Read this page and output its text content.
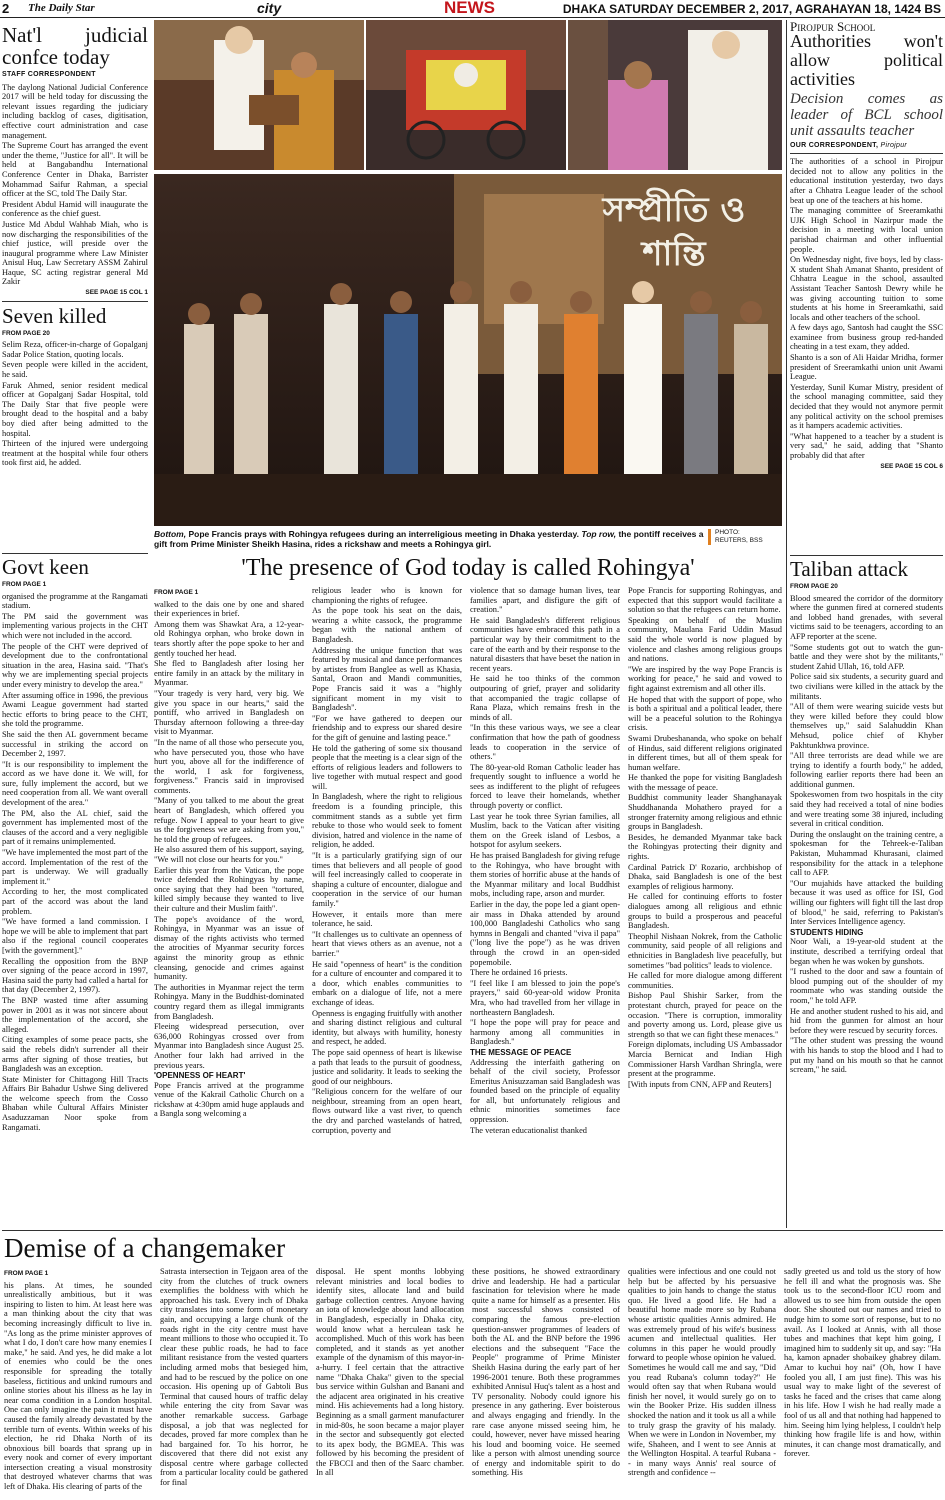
2 The Daily Star	city	NEWS	DHAKA SATURDAY DECEMBER 2, 2017, AGRAHAYAN 18, 1424 BS
Nat'l judicial confce today
STAFF CORRESPONDENT

The daylong National Judicial Conference 2017 will be held today for discussing the relevant issues regarding the judiciary including backlog of cases, digitisation, effective court administration and case management.

The Supreme Court has arranged the event under the theme, "Justice for all". It will be held at Bangabandhu International Conference Center in Dhaka, Barrister Mohammad Saifur Rahman, a special officer at the SC, told The Daily Star.

President Abdul Hamid will inaugurate the conference as the chief guest.

Justice Md Abdul Wahhab Miah, who is now discharging the responsibilities of the chief justice, will preside over the inaugural programme where Law Minister Anisul Huq, Law Secretary ASSM Zahirul Haque, SC acting registrar general Md Zakir

SEE PAGE 15 COL 1
Seven killed
FROM PAGE 20

Selim Reza, officer-in-charge of Gopalganj Sadar Police Station, quoting locals.

Seven people were killed in the accident, he said.

Faruk Ahmed, senior resident medical officer at Gopalganj Sadar Hospital, told The Daily Star that five people were brought dead to the hospital and a baby boy died after being admitted to the hospital.

Thirteen of the injured were undergoing treatment at the hospital while four others took first aid, he added.

Govt keen
FROM PAGE 1

organised the programme at the Rangamati stadium.

The PM said the government was implementing various projects in the CHT which were not included in the accord.

The people of the CHT were deprived of development due to the confrontational situation in the area, Hasina said. "That's why we are implementing special projects under every ministry to develop the area."

After assuming office in 1996, the previous Awami League government had started hectic efforts to bring peace to the CHT, she told the programme.

She said the then AL government became successful in striking the accord on December 2, 1997.

"It is our responsibility to implement the accord as we have done it. We will, for sure, fully implement the accord, but we need cooperation from all. We want overall development of the area."

The PM, also the AL chief, said the government has implemented most of the clauses of the accord and a very negligible part of it remains unimplemented.

"We have implemented the most part of the accord. Implementation of the rest of the part is underway. We will gradually implement it."

According to her, the most complicated part of the accord was about the land problem.

"We have formed a land commission. I hope we will be able to implement that part also if the regional council cooperates [with the government]."

Recalling the opposition from the BNP over signing of the peace accord in 1997, Hasina said the party had called a hartal for that day (December 2, 1997).

The BNP wasted time after assuming power in 2001 as it was not sincere about the implementation of the accord, she alleged.

Citing examples of some peace pacts, she said the rebels didn't surrender all their arms after signing of those treaties, but Bangladesh was an exception.

State Minister for Chittagong Hill Tracts Affairs Bir Bahadur Ushwe Sing delivered the welcome speech from the Cosso Bhaban while Cultural Affairs Minister Asaduzzaman Noor spoke from Rangamati.

সম্প্রীতি ও শান্তি
Bottom, Pope Francis prays with Rohingya refugees during an interreligious meeting in Dhaka yesterday. Top row, the pontiff receives a gift from Prime Minister Sheikh Hasina, rides a rickshaw and meets a Rohingya girl.
PHOTO:
REUTERS, BSS
'The presence of God today is called Rohingya'
FROM PAGE 1

walked to the dais one by one and shared their experiences in brief.

Among them was Shawkat Ara, a 12-year-old Rohingya orphan, who broke down in tears shortly after the pope spoke to her and gently touched her head.

She fled to Bangladesh after losing her entire family in an attack by the military in Myanmar.

"Your tragedy is very hard, very big. We give you space in our hearts," said the pontiff, who arrived in Bangladesh on Thursday afternoon following a three-day visit to Myanmar.

"In the name of all those who persecute you, who have persecuted you, those who have hurt you, above all for the indifference of the world, I ask for forgiveness, forgiveness." Francis said in improvised comments.

"Many of you talked to me about the great heart of Bangladesh, which offered you refuge. Now I appeal to your heart to give us the forgiveness we are asking from you," he told the group of refugees.

He also assured them of his support, saying, "We will not close our hearts for you."

Earlier this year from the Vatican, the pope twice defended the Rohingyas by name, once saying that they had been "tortured, killed simply because they wanted to live their culture and their Muslim faith".

The pope's avoidance of the word, Rohingya, in Myanmar was an issue of dismay of the rights activists who termed the atrocities of Myanmar security forces against the minority group as ethnic cleansing, genocide and crimes against humanity.

The authorities in Myanmar reject the term Rohingya. Many in the Buddhist-dominated country regard them as illegal immigrants from Bangladesh.

Fleeing widespread persecution, over 636,000 Rohingyas crossed over from Myanmar into Bangladesh since August 25. Another four lakh had arrived in the previous years.

'OPENNESS OF HEART'

Pope Francis arrived at the programme venue of the Kakrail Catholic Church on a rickshaw at 4:30pm amid huge applauds and a Bangla song welcoming a

religious leader who is known for championing the rights of refugee.

As the pope took his seat on the dais, wearing a white cassock, the programme began with the national anthem of Bangladesh.

Addressing the unique function that was featured by musical and dance performances by artistes from Banglee as well as Khasia, Santal, Oraon and Mandi communities, Pope Francis said it was a "highly significant moment in my visit to Bangladesh".

"For we have gathered to deepen our friendship and to express our shared desire for the gift of genuine and lasting peace."

He told the gathering of some six thousand people that the meeting is a clear sign of the efforts of religious leaders and followers to live together with mutual respect and good will.

In Bangladesh, where the right to religious freedom is a founding principle, this commitment stands as a subtle yet firm rebuke to those who would seek to foment division, hatred and violence in the name of religion, he added.

"It is a particularly gratifying sign of our times that believers and all people of good will feel increasingly called to cooperate in shaping a culture of encounter, dialogue and cooperation in the service of our human family."

However, it entails more than mere tolerance, he said.

"It challenges us to cultivate an openness of heart that views others as an avenue, not a barrier."

He said "openness of heart" is the condition for a culture of encounter and compared it to a door, which enables communities to embark on a dialogue of life, not a mere exchange of ideas.

Openness is engaging fruitfully with another and sharing distinct religious and cultural identity, but always with humility, honesty and respect, he added.

The pope said openness of heart is likewise a path that leads to the pursuit of goodness, justice and solidarity. It leads to seeking the good of our neighbours.

"Religious concern for the welfare of our neighbour, streaming from an open heart, flows outward like a vast river, to quench the dry and parched wastelands of hatred, corruption, poverty and

violence that so damage human lives, tear families apart, and disfigure the gift of creation."

He said Bangladesh's different religious communities have embraced this path in a particular way by their commitment to the care of the earth and by their response to the natural disasters that have beset the nation in recent years.

He said he too thinks of the common outpouring of grief, prayer and solidarity that accompanied the tragic collapse of Rana Plaza, which remains fresh in the minds of all.

"In this these various ways, we see a clear confirmation that how the path of goodness leads to cooperation in the service of others."

The 80-year-old Roman Catholic leader has frequently sought to influence a world he sees as indifferent to the plight of refugees forced to leave their homelands, whether through poverty or conflict.

Last year he took three Syrian families, all Muslim, back to the Vatican after visiting them on the Greek island of Lesbos, a hotspot for asylum seekers.

He has praised Bangladesh for giving refuge to the Rohingya, who have brought with them stories of horrific abuse at the hands of the Myanmar military and local Buddhist mobs, including rape, arson and murder.

Earlier in the day, the pope led a giant open-air mass in Dhaka attended by around 100,000 Bangladeshi Catholics who sang hymns in Bengali and chanted "viva il papa" ("long live the pope") as he was driven through the crowd in an open-sided popemobile.

There he ordained 16 priests.

"I feel like I am blessed to join the pope's prayers," said 60-year-old widow Pronita Mra, who had travelled from her village in northeastern Bangladesh.

"I hope the pope will pray for peace and harmony among all communities in Bangladesh."

THE MESSAGE OF PEACE

Addressing the interfaith gathering on behalf of the civil society, Professor Emeritus Anisuzzaman said Bangladesh was founded based on the principle of equality for all, but unfortunately religious and ethnic minorities sometimes face oppression.

The veteran educationalist thanked

Pope Francis for supporting Rohingyas, and expected that this support would facilitate a solution so that the refugees can return home.

Speaking on behalf of the Muslim community, Maulana Farid Uddin Masud said the whole world is now plagued by violence and clashes among religious groups and nations.

"We are inspired by the way Pope Francis is working for peace," he said and vowed to fight against extremism and all other ills.

He hoped that with the support of pope, who is both a spiritual and a political leader, there will be a peaceful solution to the Rohingya crisis.

Swami Drubeshananda, who spoke on behalf of Hindus, said different religions originated in different times, but all of them speak for human welfare.

He thanked the pope for visiting Bangladesh with the message of peace.

Buddhist community leader Shanghanayak Shuddhananda Mohathero prayed for a stronger fraternity among religious and ethnic groups in Bangladesh.

Besides, he demanded Myanmar take back the Rohingyas protecting their dignity and rights.

Cardinal Patrick D' Rozario, archbishop of Dhaka, said Bangladesh is one of the best examples of religious harmony.

He called for continuing efforts to foster dialogues among all religious and ethnic groups to build a prosperous and peaceful Bangladesh.

Theophil Nishaan Nokrek, from the Catholic community, said people of all religions and ethnicities in Bangladesh live peacefully, but sometimes "bad politics" leads to violence.

He called for more dialogue among different communities.

Bishop Paul Shishir Sarker, from the protestant church, prayed for peace on the occasion. "There is corruption, immorality and poverty among us. Lord, please give us strength so that we can fight these menaces."

Foreign diplomats, including US Ambassador Marcia Bernicat and Indian High Commissioner Harsh Vardhan Shringla, were present at the programme.

[With inputs from CNN, AFP and Reuters]

Pirojpur School
Authorities won't allow political activities
Decision comes as leader of BCL school unit assaults teacher
OUR CORRESPONDENT, Pirojpur

The authorities of a school in Pirojpur decided not to allow any politics in the educational institution yesterday, two days after a Chhatra League leader of the school beat up one of the teachers at his home.

The managing committee of Sreeramkathi UJK High School in Nazirpur made the decision in a meeting with local union parishad chairman and other influential people.

On Wednesday night, five boys, led by class-X student Shah Amanat Shanto, president of Chhatra League in the school, assaulted Assistant Teacher Santosh Dewry while he was giving accounting tuition to some students at his home in Sreeramkathi, said locals and other teachers of the school.

A few days ago, Santosh had caught the SSC examinee from business group red-handed cheating in a test exam, they added.

Shanto is a son of Ali Haidar Mridha, former president of Sreeramkathi union unit Awami League.

Yesterday, Sunil Kumar Mistry, president of the school managing committee, said they decided that they would not anymore permit any political activity on the school premises as it hampers academic activities.

"What happened to a teacher by a student is very sad," he said, adding that "Shanto probably did that after

SEE PAGE 15 COL 6
Taliban attack
FROM PAGE 20

Blood smeared the corridor of the dormitory where the gunmen fired at cornered students and lobbed hand grenades, with several victims said to be teenagers, according to an AFP reporter at the scene.

"Some students got out to watch the gun-battle and they were shot by the militants," student Zahid Ullah, 16, told AFP.

Police said six students, a security guard and two civilians were killed in the attack by the militants.

"All of them were wearing suicide vests but they were killed before they could blow themselves up," said Salahuddin Khan Mehsud, police chief of Khyber Pakhtunkhwa province.

"All three terrorists are dead while we are trying to identify a fourth body," he added, following earlier reports there had been an additional gunmen.

Spokeswomen from two hospitals in the city said they had received a total of nine bodies and were treating some 38 injured, including several in critical condition.

During the onslaught on the training centre, a spokesman for the Tehreek-e-Taliban Pakistan, Muhammad Khurasani, claimed responsibility for the attack in a telephone call to AFP.

"Our mujahids have attacked the building because it was used as office for ISI, God willing our fighters will fight till the last drop of blood," he said, referring to Pakistan's Inter Services Intelligence agency.

STUDENTS HIDING

Noor Wali, a 19-year-old student at the institute, described a terrifying ordeal that began when he was woken by gunshots.

"I rushed to the door and saw a fountain of blood pumping out of the shoulder of my roommate who was standing outside the room," he told AFP.

He and another student rushed to his aid, and hid from the gunmen for almost an hour before they were rescued by security forces.

"The other student was pressing the wound with his hands to stop the blood and I had to put my hand on his mouth so that he cannot scream," he said.

Demise of a changemaker
FROM PAGE 1

his plans. At times, he sounded unrealistically ambitious, but it was inspiring to listen to him. At least here was a man thinking about the city that was becoming increasingly difficult to live in. "As long as the prime minister approves of what I do, I don't care how many enemies I make," he said. And yes, he did make a lot of enemies who could be the ones responsible for spreading the totally baseless, fictitious and unkind rumours and online stories about his illness as he lay in near coma condition in a London hospital. One can only imagine the pain it must have caused the family already devastated by the terrible turn of events. Within weeks of his election, he rid Dhaka North of its obnoxious bill boards that sprang up in every nook and corner of every important intersection creating a visual monstrosity that destroyed whatever charms that was left of Dhaka. His clearing of parts of the

Satrasta intersection in Tejgaon area of the city from the clutches of truck owners exemplifies the boldness with which he approached his task. Every inch of Dhaka city translates into some form of monetary gain, and occupying a large chunk of the roads right in the city centre must have meant millions to those who occupied it. To clear these public roads, he had to face militant resistance from the vested quarters including armed mobs that besieged him, and had to be rescued by the police on one occasion. His opening up of Gabtoli Bus Terminal that caused hours of traffic delay while entering the city from Savar was another remarkable success. Garbage disposal, a job that was neglected for decades, proved far more complex than he had bargained for. To his horror, he discovered that there did not exist any disposal centre where garbage collected from a particular locality could be gathered for final

disposal. He spent months lobbying relevant ministries and local bodies to identify sites, allocate land and build garbage collection centres. Anyone having an iota of knowledge about land allocation in Bangladesh, especially in Dhaka city, would know what a herculean task he accomplished. Much of this work has been completed, and it stands as yet another example of the dynamism of this mayor-in-a-hurry. I feel certain that the attractive name "Dhaka Chaka" given to the special bus service within Gulshan and Banani and the adjacent area originated in his creative mind. His achievements had a long history. Beginning as a small garment manufacturer in mid-80s, he soon became a major player in the sector and subsequently got elected to its apex body, the BGMEA. This was followed by his becoming the president of the FBCCI and then of the Saarc chamber. In all

these positions, he showed extraordinary drive and leadership. He had a particular fascination for television where he made quite a name for himself as a presenter. His most successful shows consisted of comparing the famous pre-election question-answer programmes of leaders of both the AL and the BNP before the 1996 elections and the subsequent "Face the People" programme of Prime Minister Sheikh Hasina during the early part of her 1996-2001 tenure. Both these programmes exhibited Annisul Huq's talent as a host and TV personality. Nobody could ignore his presence in any gathering. Ever boisterous and always engaging and friendly. In the rare case anyone missed seeing him, he could, however, never have missed hearing his loud and booming voice. He seemed like a person with almost unending source of energy and indomitable spirit to do something. His

qualities were infectious and one could not help but be affected by his persuasive qualities to join hands to change the status quo. He lived a good life. He had a beautiful home made more so by Rubana whose artistic qualities Annis admired. He was extremely proud of his wife's business acumen and intellectual qualities. Her columns in this paper he would proudly forward to people whose opinion he valued. Sometimes he would call me and say, "Did you read Rubana's column today?" He would often say that when Rubana would finish her novel, it would surely go on to win the Booker Prize. His sudden illness shocked the nation and it took us all a while to truly grasp the gravity of his malady. When we were in London in November, my wife, Shaheen, and I went to see Annis at the Wellington Hospital. A tearful Rubana -- in many ways Annis' real source of strength and confidence --

sadly greeted us and told us the story of how he fell ill and what the prognosis was. She took us to the second-floor ICU room and allowed us to see him from outside the open door. She shouted out our names and tried to nudge him to some sort of response, but to no avail. As I looked at Annis, with all those tubes and machines that kept him going, I imagined him to suddenly sit up, and say: "Ha ha, kamon apnader shobaikey ghabrey dilam. Amar to kuchui hoy nai" (Oh, how I have fooled you all, I am just fine). This was his usual way to make light of the severest of tasks he faced and the crises that came along in his life. How I wish he had really made a fool of us all and that nothing had happened to him. Seeing him lying helpless, I couldn't help thinking how fragile life is and how, within minutes, it can change most dramatically, and forever.
